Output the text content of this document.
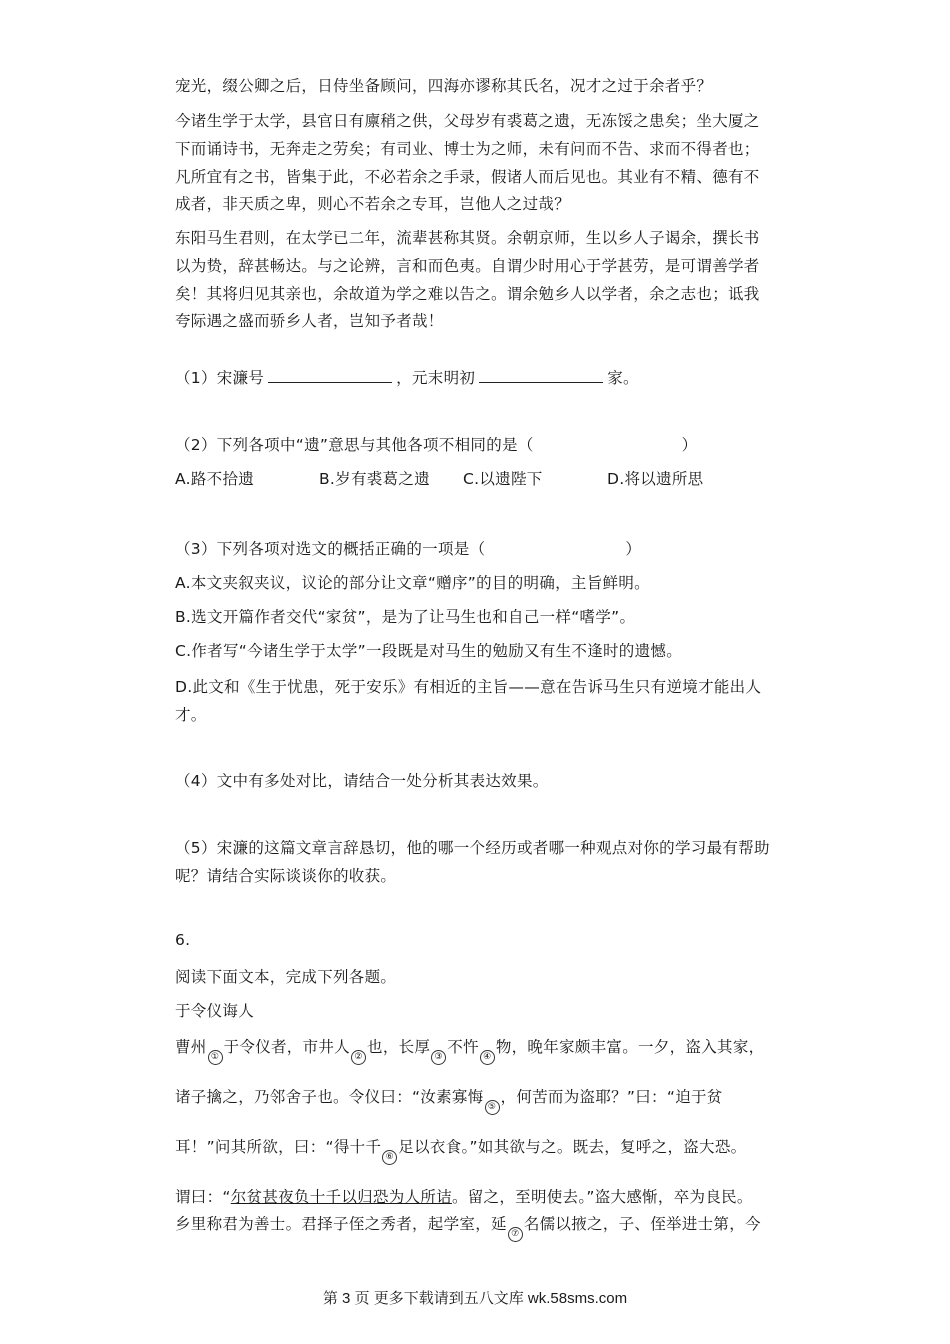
宠光，缀公卿之后，日侍坐备顾问，四海亦谬称其氏名，况才之过于余者乎？
今诸生学于太学，县官日有廪稍之供，父母岁有裘葛之遗，无冻馁之患矣；坐大厦之
下而诵诗书，无奔走之劳矣；有司业、博士为之师，未有问而不告、求而不得者也；
凡所宜有之书，皆集于此，不必若余之手录，假诸人而后见也。其业有不精、德有不
成者，非天质之卑，则心不若余之专耳，岂他人之过哉？
东阳马生君则，在太学已二年，流辈甚称其贤。余朝京师，生以乡人子谒余，撰长书
以为贽，辞甚畅达。与之论辨，言和而色夷。自谓少时用心于学甚劳，是可谓善学者
矣！其将归见其亲也，余故道为学之难以告之。谓余勉乡人以学者，余之志也；诋我
夸际遇之盛而骄乡人者，岂知予者哉！
（1）宋濂号	，元末明初	家。
（2）下列各项中“遗”意思与其他各项不相同的是（	）
A.路不拾遗	B.岁有裘葛之遗 C.以遗陛下	D.将以遗所思
（3）下列各项对选文的概括正确的一项是（	）
A.本文夹叙夹议，议论的部分让文章“赠序”的目的明确，主旨鲜明。
B.选文开篇作者交代“家贫”，是为了让马生也和自己一样“嗜学”。
C.作者写“今诸生学于太学”一段既是对马生的勉励又有生不逢时的遗憾。
D.此文和《生于忧患，死于安乐》有相近的主旨——意在告诉马生只有逆境才能出人
才。
（4）文中有多处对比，请结合一处分析其表达效果。
（5）宋濂的这篇文章言辞恳切，他的哪一个经历或者哪一种观点对你的学习最有帮助
呢？请结合实际谈谈你的收获。
6.
阅读下面文本，完成下列各题。
于令仪诲人
曹州①于令仪者，市井人②也，长厚③不忤④物，晚年家颇丰富。一夕，盗入其家，
诸子擒之，乃邻舍子也。令仪曰：“汝素寡悔⑤，何苦而为盗耶？”曰：“迫于贫
耳！”问其所欲，曰：“得十千⑥足以衣食。”如其欲与之。既去，复呼之，盗大恐。
谓曰：“尔贫甚夜负十千以归恐为人所诘。留之，至明使去。”盗大感惭，卒为良民。
乡里称君为善士。君择子侄之秀者，起学室，延⑦名儒以掖之，子、侄举进士第，今
第 3 页 更多下载请到五八文库 wk.58sms.com
